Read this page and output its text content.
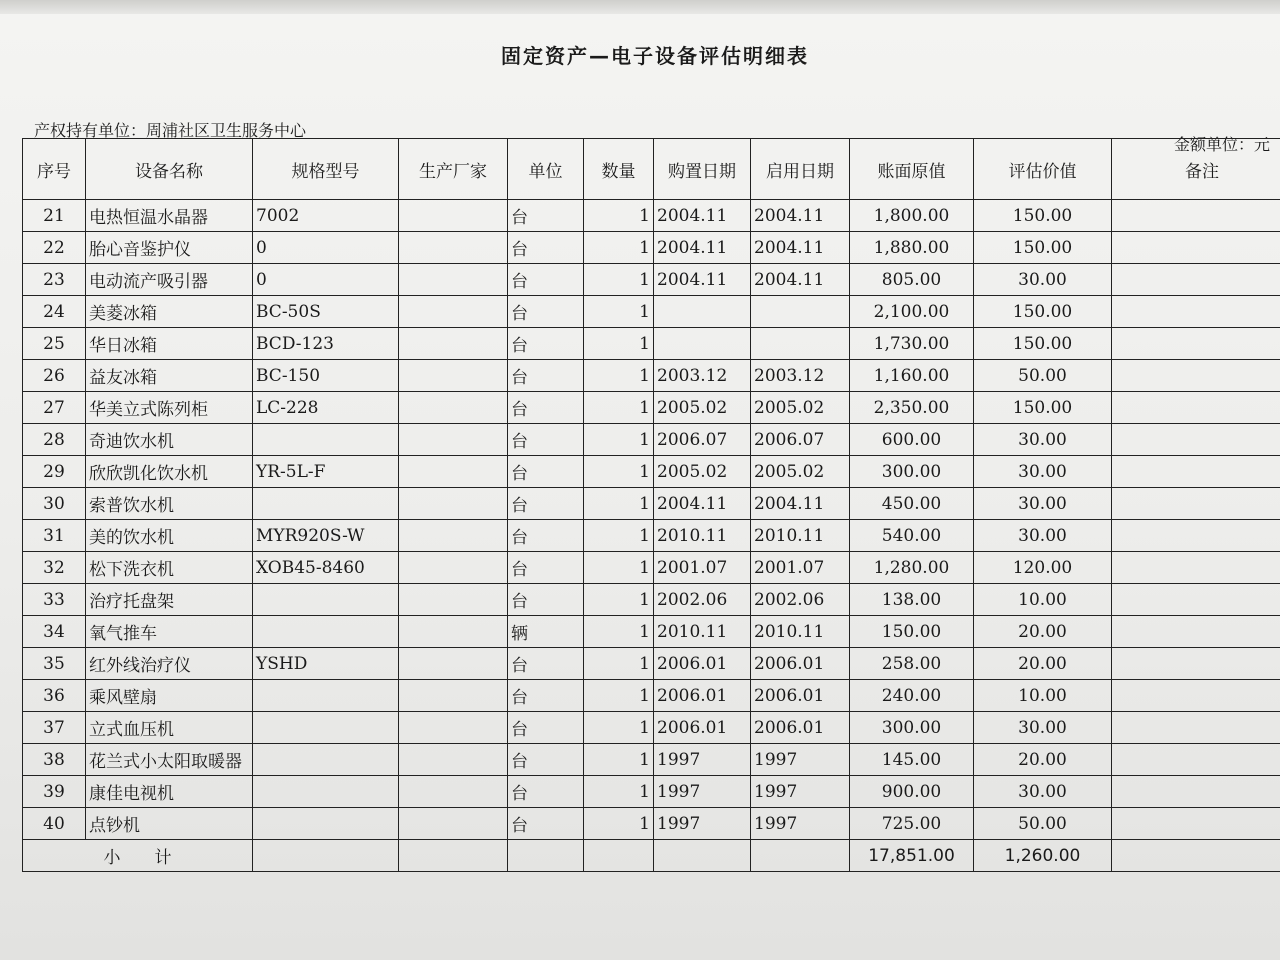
固定资产—电子设备评估明细表
产权持有单位：周浦社区卫生服务中心
金额单位：元
序号	设备名称	规格型号	生产厂家	单位	数量	购置日期	启用日期	账面原值	评估价值	备注
21	电热恒温水晶器	7002		台	1	2004.11	2004.11	1,800.00	150.00	
22	胎心音鉴护仪	0		台	1	2004.11	2004.11	1,880.00	150.00	
23	电动流产吸引器	0		台	1	2004.11	2004.11	805.00	30.00	
24	美菱冰箱	BC-50S		台	1			2,100.00	150.00	
25	华日冰箱	BCD-123		台	1			1,730.00	150.00	
26	益友冰箱	BC-150		台	1	2003.12	2003.12	1,160.00	50.00	
27	华美立式陈列柜	LC-228		台	1	2005.02	2005.02	2,350.00	150.00	
28	奇迪饮水机			台	1	2006.07	2006.07	600.00	30.00	
29	欣欣凯化饮水机	YR-5L-F		台	1	2005.02	2005.02	300.00	30.00	
30	索普饮水机			台	1	2004.11	2004.11	450.00	30.00	
31	美的饮水机	MYR920S-W		台	1	2010.11	2010.11	540.00	30.00	
32	松下洗衣机	XOB45-8460		台	1	2001.07	2001.07	1,280.00	120.00	
33	治疗托盘架			台	1	2002.06	2002.06	138.00	10.00	
34	氧气推车			辆	1	2010.11	2010.11	150.00	20.00	
35	红外线治疗仪	YSHD		台	1	2006.01	2006.01	258.00	20.00	
36	乘风壁扇			台	1	2006.01	2006.01	240.00	10.00	
37	立式血压机			台	1	2006.01	2006.01	300.00	30.00	
38	花兰式小太阳取暖器			台	1	1997	1997	145.00	20.00	
39	康佳电视机			台	1	1997	1997	900.00	30.00	
40	点钞机			台	1	1997	1997	725.00	50.00	
小　　计								17,851.00	1,260.00	
